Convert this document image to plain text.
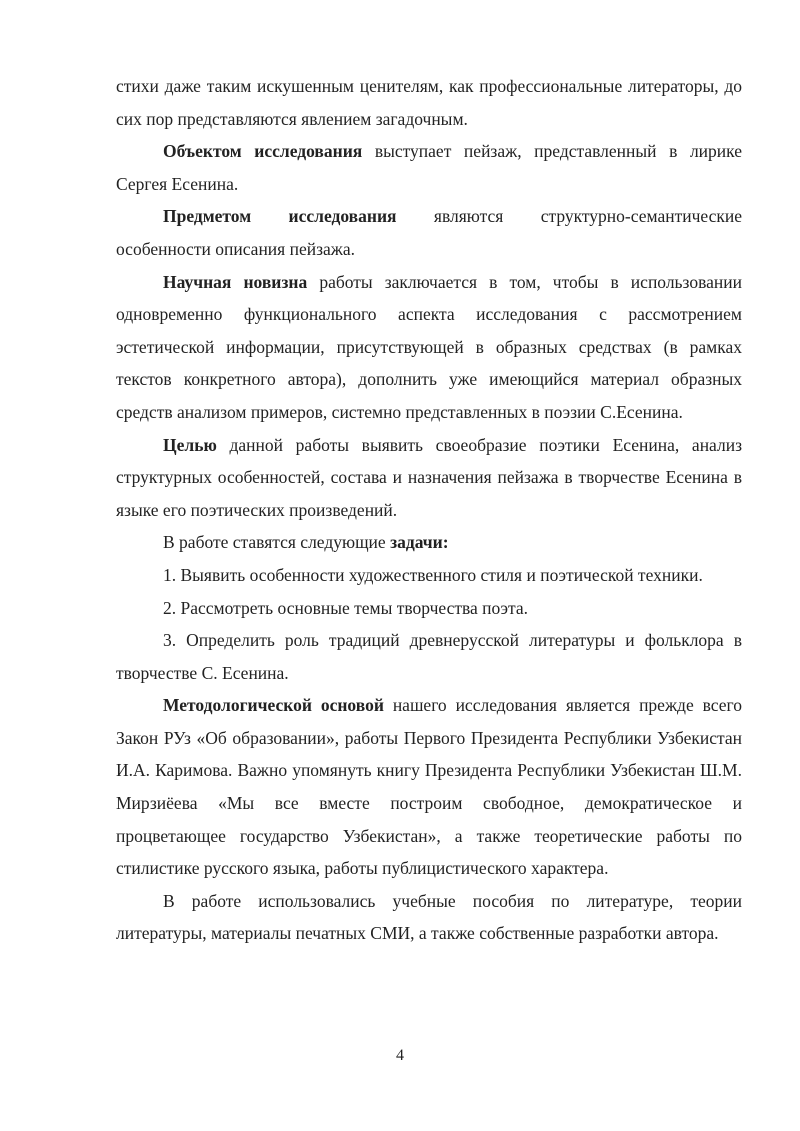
стихи даже таким искушенным ценителям, как профессиональные литераторы, до сих пор представляются явлением загадочным.

Объектом исследования выступает пейзаж, представленный в лирике Сергея Есенина.

Предметом исследования являются структурно-семантические особенности описания пейзажа.

Научная новизна работы заключается в том, чтобы в использовании одновременно функционального аспекта исследования с рассмотрением эстетической информации, присутствующей в образных средствах (в рамках текстов конкретного автора), дополнить уже имеющийся материал образных средств анализом примеров, системно представленных в поэзии С.Есенина.

Целью данной работы выявить своеобразие поэтики Есенина, анализ структурных особенностей, состава и назначения пейзажа в творчестве Есенина в языке его поэтических произведений.

В работе ставятся следующие задачи:

1. Выявить особенности художественного стиля и поэтической техники.

2. Рассмотреть основные темы творчества поэта.

3. Определить роль традиций древнерусской литературы и фольклора в творчестве С. Есенина.

Методологической основой нашего исследования является прежде всего Закон РУз «Об образовании», работы Первого Президента Республики Узбекистан И.А. Каримова. Важно упомянуть книгу Президента Республики Узбекистан Ш.М. Мирзиёева «Мы все вместе построим свободное, демократическое и процветающее государство Узбекистан», а также теоретические работы по стилистике русского языка, работы публицистического характера.

В работе использовались учебные пособия по литературе, теории литературы, материалы печатных СМИ, а также собственные разработки автора.

4
